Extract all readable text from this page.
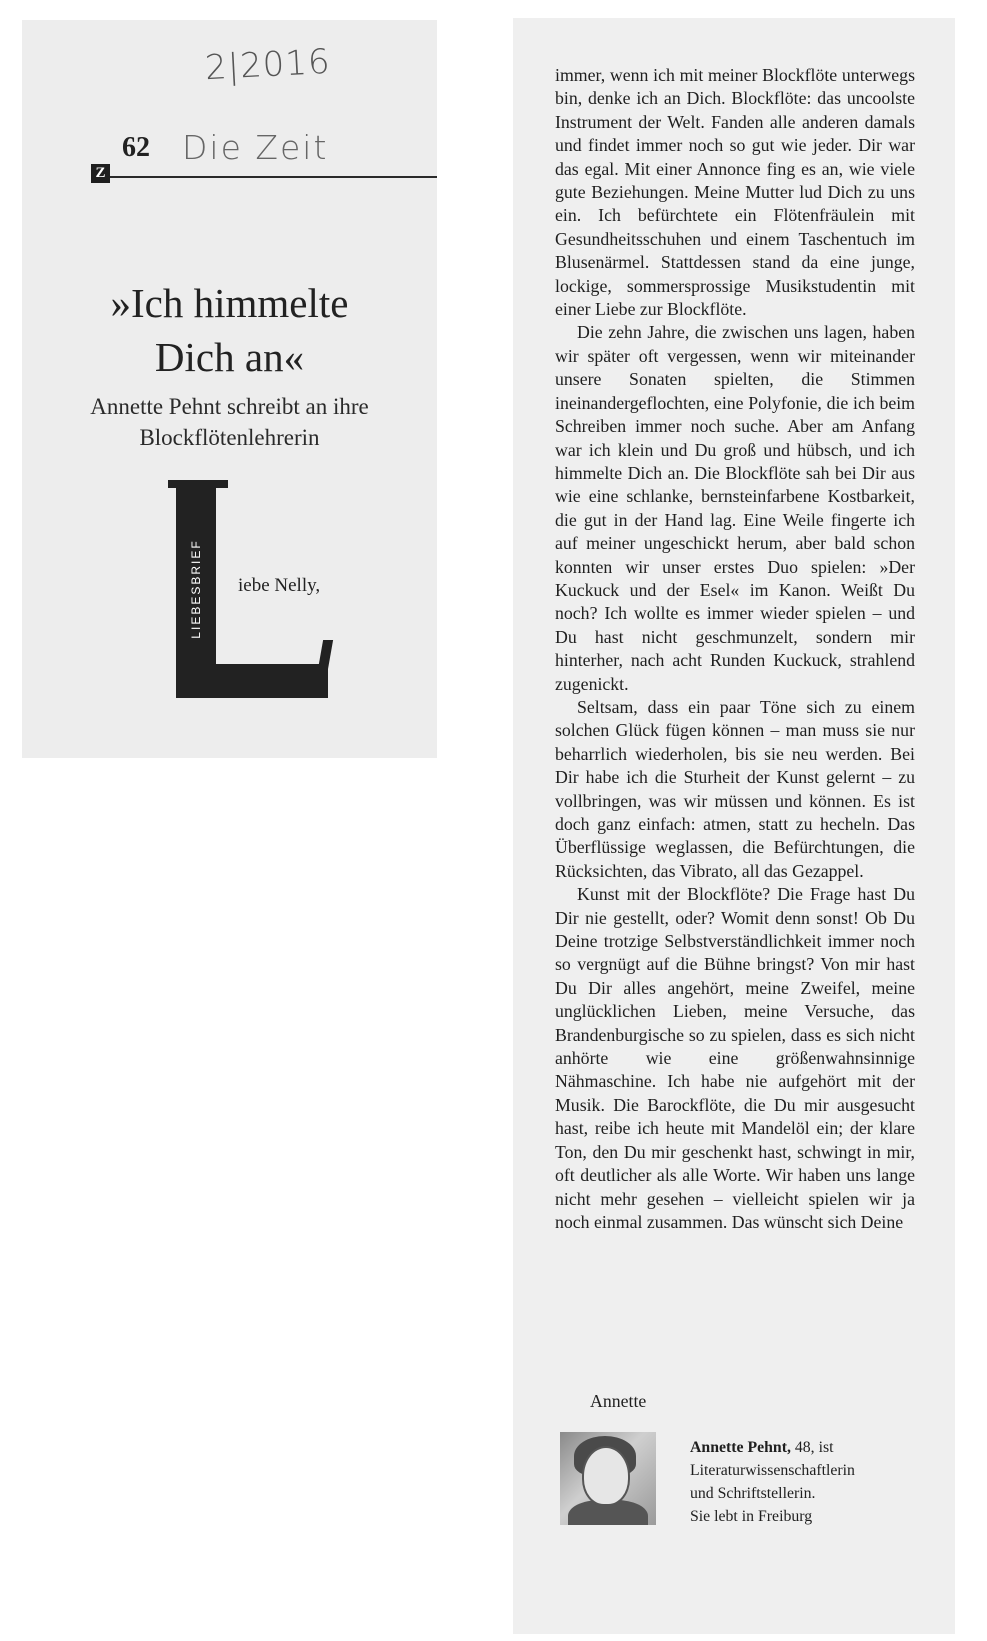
2|2016
Z
62 Die Zeit
»Ich himmelte
Dich an«
Annette Pehnt schreibt an ihre
Blockflötenlehrerin
LIEBESBRIEF iebe Nelly,

immer, wenn ich mit meiner Blockflöte unterwegs bin, denke ich an Dich. Blockflöte: das uncoolste Instrument der Welt. Fanden alle anderen damals und findet immer noch so gut wie jeder. Dir war das egal. Mit einer Annonce fing es an, wie viele gute Beziehungen. Meine Mutter lud Dich zu uns ein. Ich befürchtete ein Flötenfräulein mit Gesundheitsschuhen und einem Taschentuch im Blusenärmel. Stattdessen stand da eine junge, lockige, sommersprossige Musikstudentin mit einer Liebe zur Blockflöte.

Die zehn Jahre, die zwischen uns lagen, haben wir später oft vergessen, wenn wir miteinander unsere Sonaten spielten, die Stimmen ineinandergeflochten, eine Polyfonie, die ich beim Schreiben immer noch suche. Aber am Anfang war ich klein und Du groß und hübsch, und ich himmelte Dich an. Die Blockflöte sah bei Dir aus wie eine schlanke, bernsteinfarbene Kostbarkeit, die gut in der Hand lag. Eine Weile fingerte ich auf meiner ungeschickt herum, aber bald schon konnten wir unser erstes Duo spielen: »Der Kuckuck und der Esel« im Kanon. Weißt Du noch? Ich wollte es immer wieder spielen – und Du hast nicht geschmunzelt, sondern mir hinterher, nach acht Runden Kuckuck, strahlend zugenickt.

Seltsam, dass ein paar Töne sich zu einem solchen Glück fügen können – man muss sie nur beharrlich wiederholen, bis sie neu werden. Bei Dir habe ich die Sturheit der Kunst gelernt – zu vollbringen, was wir müssen und können. Es ist doch ganz einfach: atmen, statt zu hecheln. Das Überflüssige weglassen, die Befürchtungen, die Rücksichten, das Vibrato, all das Gezappel.

Kunst mit der Blockflöte? Die Frage hast Du Dir nie gestellt, oder? Womit denn sonst! Ob Du Deine trotzige Selbstverständlichkeit immer noch so vergnügt auf die Bühne bringst? Von mir hast Du Dir alles angehört, meine Zweifel, meine unglücklichen Lieben, meine Versuche, das Brandenburgische so zu spielen, dass es sich nicht anhörte wie eine größenwahnsinnige Nähmaschine. Ich habe nie aufgehört mit der Musik. Die Barockflöte, die Du mir ausgesucht hast, reibe ich heute mit Mandelöl ein; der klare Ton, den Du mir geschenkt hast, schwingt in mir, oft deutlicher als alle Worte. Wir haben uns lange nicht mehr gesehen – vielleicht spielen wir ja noch einmal zusammen. Das wünscht sich Deine

Annette
Annette Pehnt, 48, ist
Literaturwissenschaftlerin
und Schriftstellerin.
Sie lebt in Freiburg
